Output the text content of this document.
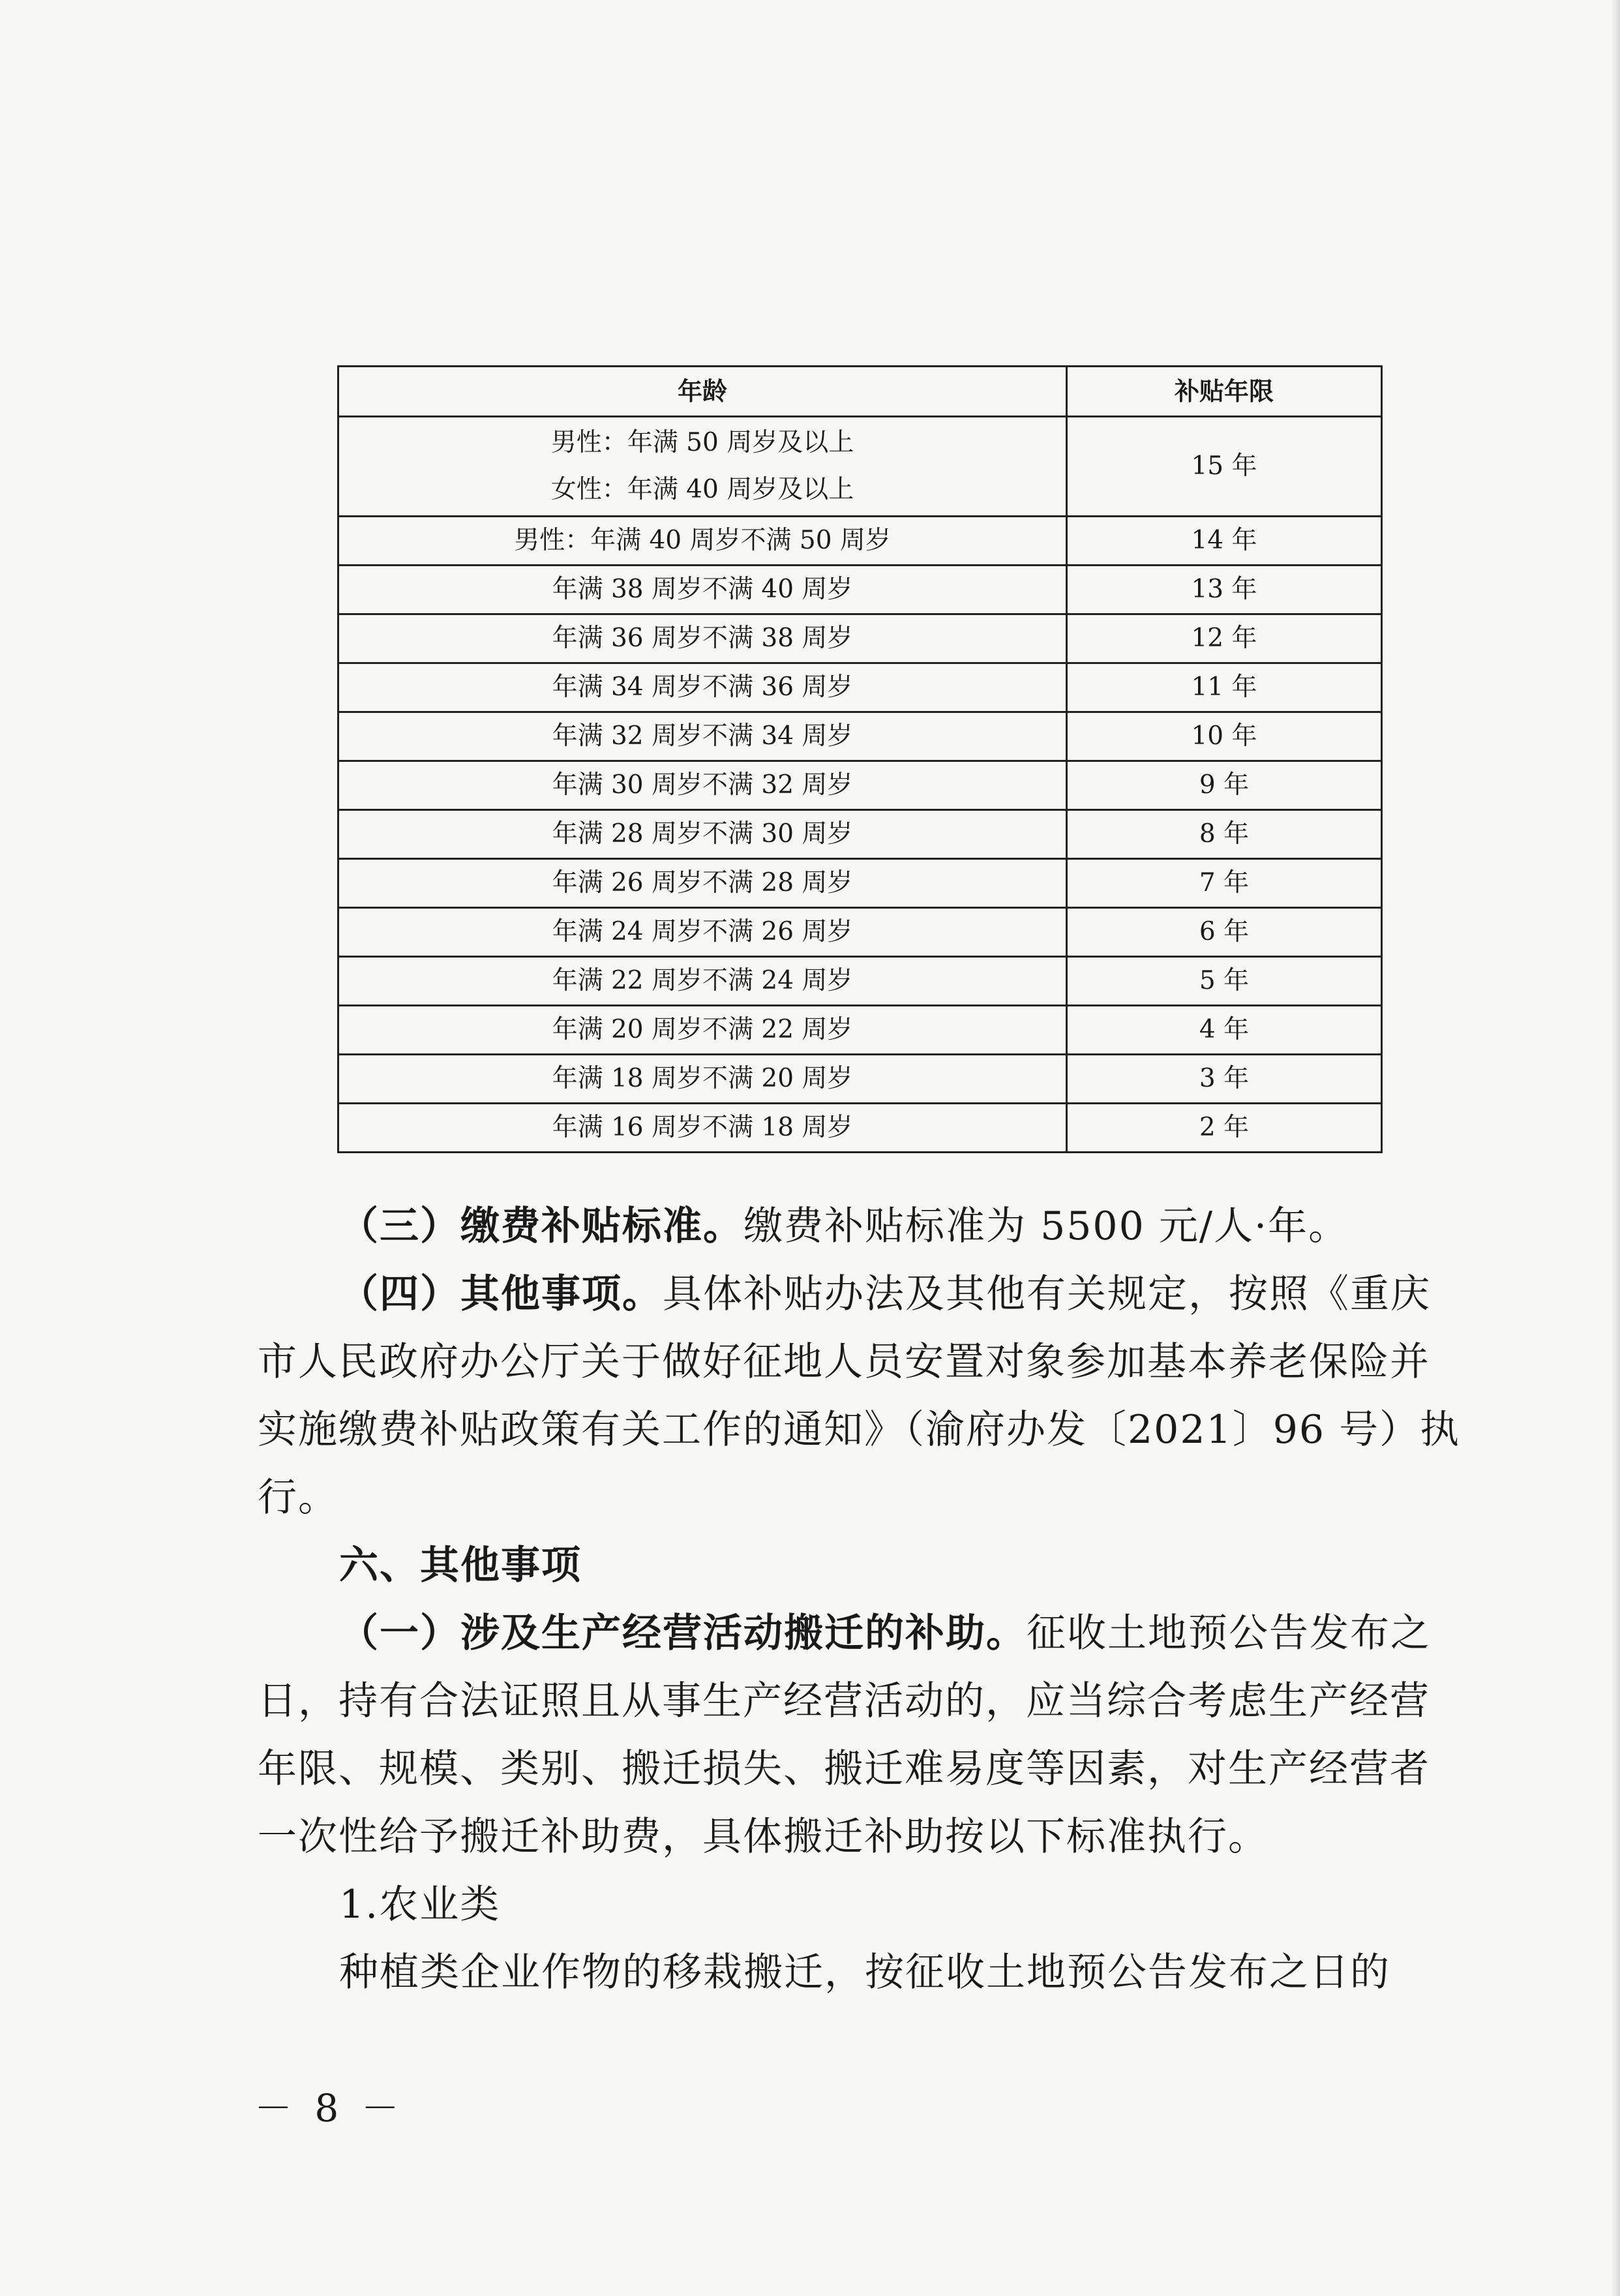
年龄	补贴年限

男性：年满 50 周岁及以上
女性：年满 40 周岁及以上	15 年
男性：年满 40 周岁不满 50 周岁	14 年
年满 38 周岁不满 40 周岁	13 年
年满 36 周岁不满 38 周岁	12 年
年满 34 周岁不满 36 周岁	11 年
年满 32 周岁不满 34 周岁	10 年
年满 30 周岁不满 32 周岁	9 年
年满 28 周岁不满 30 周岁	8 年
年满 26 周岁不满 28 周岁	7 年
年满 24 周岁不满 26 周岁	6 年
年满 22 周岁不满 24 周岁	5 年
年满 20 周岁不满 22 周岁	4 年
年满 18 周岁不满 20 周岁	3 年
年满 16 周岁不满 18 周岁	2 年

（三）缴费补贴标准。缴费补贴标准为 5500 元/人·年。

（四）其他事项。具体补贴办法及其他有关规定，按照《重庆市人民政府办公厅关于做好征地人员安置对象参加基本养老保险并实施缴费补贴政策有关工作的通知》（渝府办发〔2021〕96 号）执行。

六、其他事项

（一）涉及生产经营活动搬迁的补助。征收土地预公告发布之日，持有合法证照且从事生产经营活动的，应当综合考虑生产经营年限、规模、类别、搬迁损失、搬迁难易度等因素，对生产经营者一次性给予搬迁补助费，具体搬迁补助按以下标准执行。

1.农业类

种植类企业作物的移栽搬迁，按征收土地预公告发布之日的

－ 8 －
